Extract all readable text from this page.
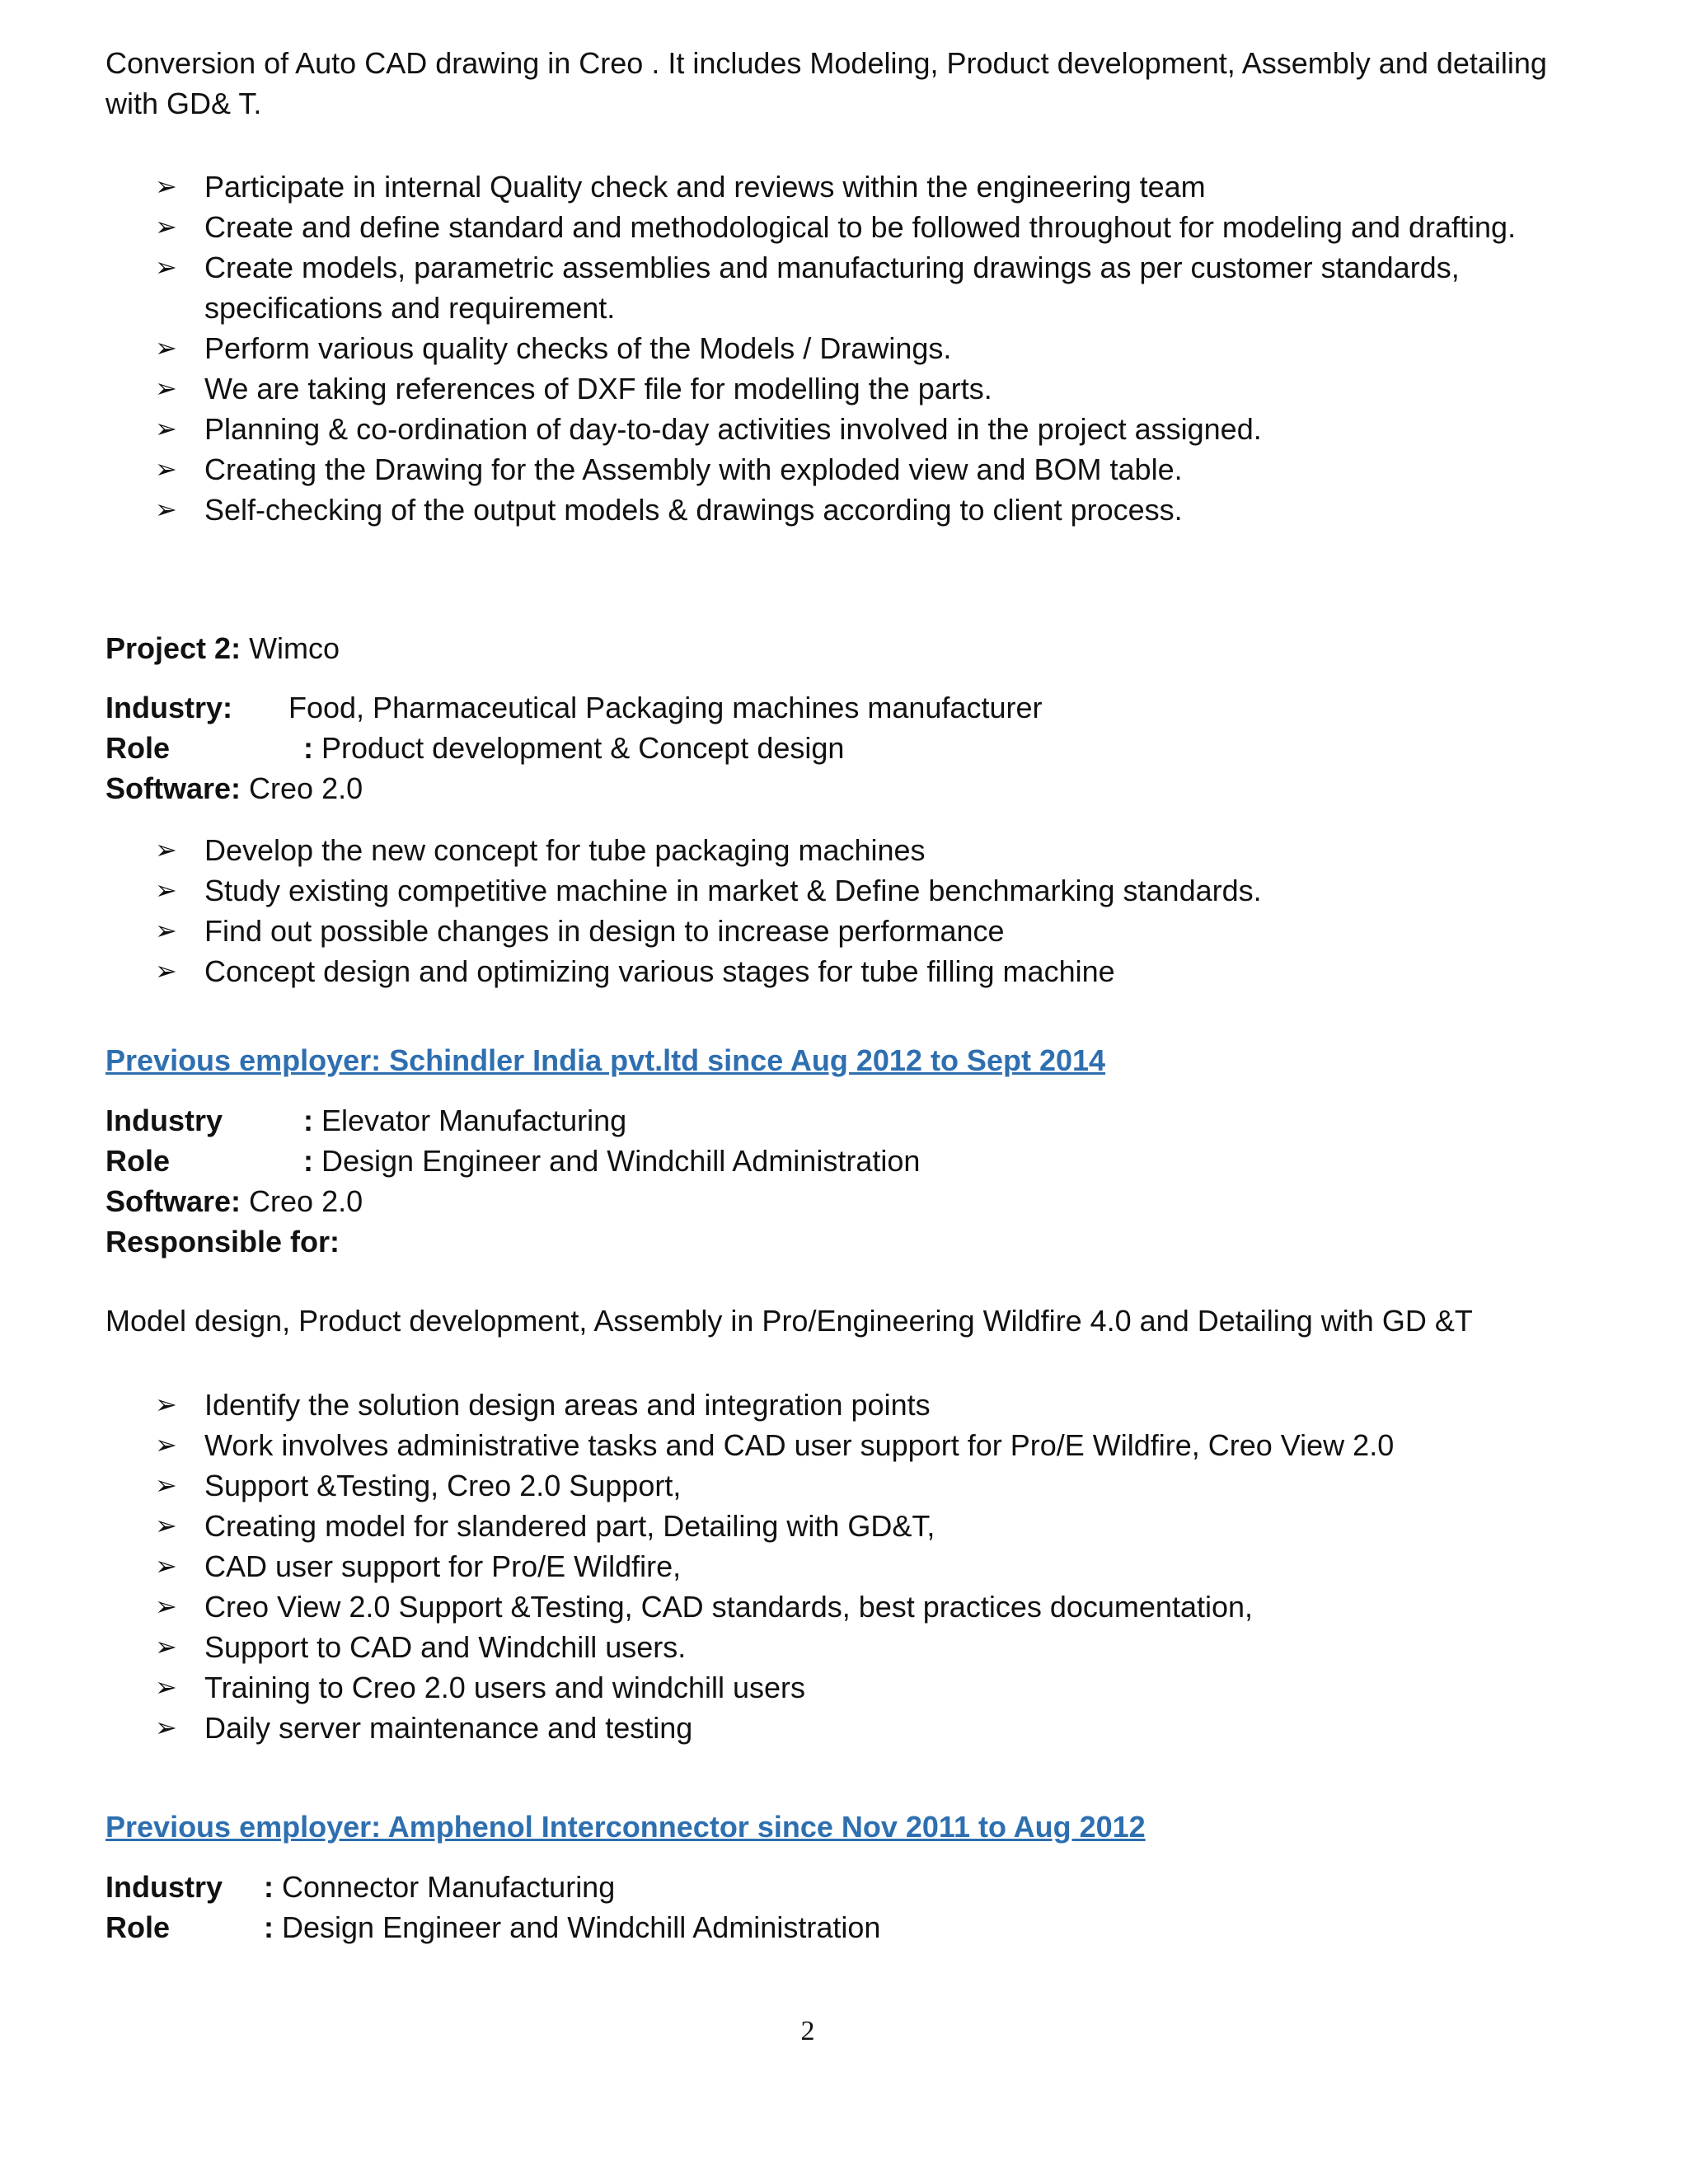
Conversion of Auto CAD drawing in Creo . It includes Modeling, Product development, Assembly and detailing with GD& T.

➢ Participate in internal Quality check and reviews within the engineering team
➢ Create and define standard and methodological to be followed throughout for modeling and drafting.
➢ Create models, parametric assemblies and manufacturing drawings as per customer standards, specifications and requirement.
➢ Perform various quality checks of the Models / Drawings.
➢ We are taking references of DXF file for modelling the parts.
➢ Planning & co-ordination of day-to-day activities involved in the project assigned.
➢ Creating the Drawing for the Assembly with exploded view and BOM table.
➢ Self-checking of the output models & drawings according to client process.

Project 2: Wimco

Industry: Food, Pharmaceutical Packaging machines manufacturer

Role	: Product development & Concept design

Software: Creo 2.0

➢ Develop the new concept for tube packaging machines
➢ Study existing competitive machine in market & Define benchmarking standards.
➢ Find out possible changes in design to increase performance
➢ Concept design and optimizing various stages for tube filling machine

Previous employer: Schindler India pvt.ltd since Aug 2012 to Sept 2014

Industry	: Elevator Manufacturing

Role	: Design Engineer and Windchill Administration

Software: Creo 2.0

Responsible for:

Model design, Product development, Assembly in Pro/Engineering Wildfire 4.0 and Detailing with GD &T

➢ Identify the solution design areas and integration points
➢ Work involves administrative tasks and CAD user support for Pro/E Wildfire, Creo View 2.0
➢ Support &Testing, Creo 2.0 Support,
➢ Creating model for slandered part, Detailing with GD&T,
➢ CAD user support for Pro/E Wildfire,
➢ Creo View 2.0 Support &Testing, CAD standards, best practices documentation,
➢ Support to CAD and Windchill users.
➢ Training to Creo 2.0 users and windchill users
➢ Daily server maintenance and testing

Previous employer: Amphenol Interconnector since Nov 2011 to Aug 2012

Industry : Connector Manufacturing

Role	: Design Engineer and Windchill Administration

2
